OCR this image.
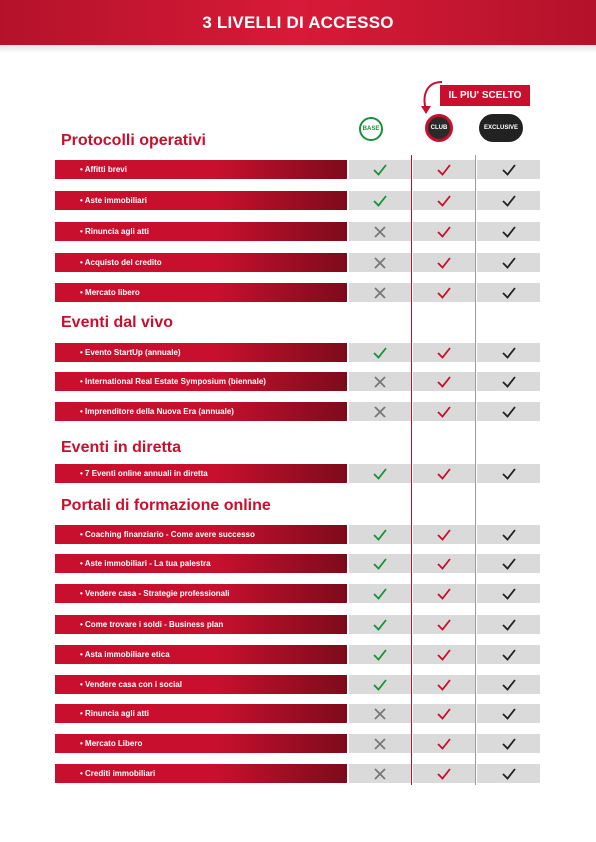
3 LIVELLI DI ACCESSO
IL PIU' SCELTO
BASE	CLUB	EXCLUSIVE
Protocolli operativi
• Affitti brevi
• Aste immobiliari
• Rinuncia agli atti
• Acquisto del credito
• Mercato libero
Eventi dal vivo
• Evento StartUp (annuale)
• International Real Estate Symposium (biennale)
• Imprenditore della Nuova Era (annuale)
Eventi in diretta
• 7 Eventi online annuali in diretta
Portali di formazione online
• Coaching finanziario - Come avere successo
• Aste immobiliari - La tua palestra
• Vendere casa - Strategie professionali
• Come trovare i soldi - Business plan
• Asta immobiliare etica
• Vendere casa con i social
• Rinuncia agli atti
• Mercato Libero
• Crediti immobiliari
